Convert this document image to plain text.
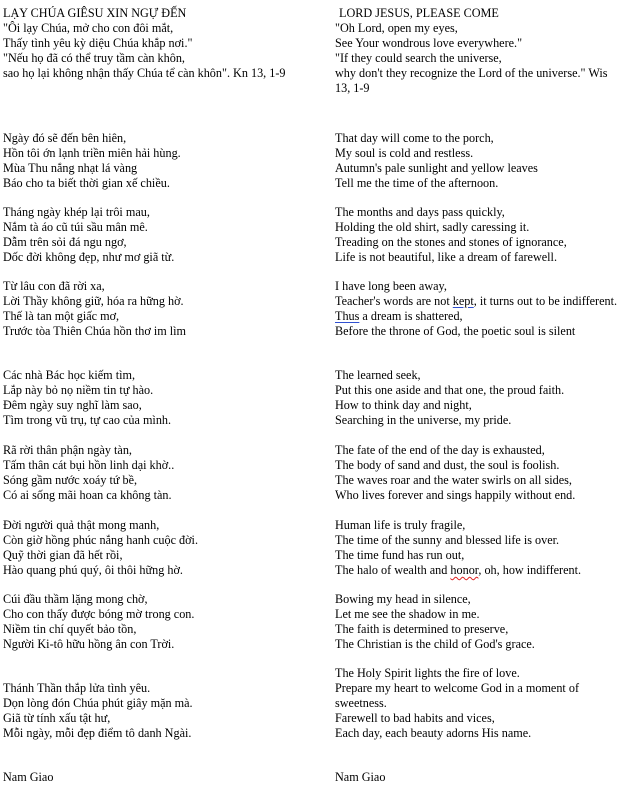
LẠY CHÚA GIÊSU XIN NGỰ ĐẾN
"Ôi lạy Chúa, mở cho con đôi mắt,
Thấy tình yêu kỳ diệu Chúa khắp nơi."
"Nếu họ đã có thể truy tầm càn khôn,
sao họ lại không nhận thấy Chúa tể càn khôn". Kn 13, 1-9
Ngày đó sẽ đến bên hiên,
Hồn tôi ớn lạnh triền miên hải hùng.
Mùa Thu nắng nhạt lá vàng
Báo cho ta biết thời gian xế chiều.
Tháng ngày khép lại trôi mau,
Nắm tà áo cũ túi sầu mân mê.
Dẫm trên sỏi đá ngu ngơ,
Dốc đời không đẹp, như mơ giã từ.
Từ lâu con đã rời xa,
Lời Thầy không giữ, hóa ra hững hờ.
Thế là tan một giấc mơ,
Trước tòa Thiên Chúa hồn thơ im lìm
Các nhà Bác học kiếm tìm,
Lắp này bỏ nọ niềm tin tự hào.
Đêm ngày suy nghĩ làm sao,
Tìm trong vũ trụ, tự cao của mình.
Rã rời thân phận ngày tàn,
Tấm thân cát bụi hồn linh dại khờ..
Sóng gầm nước xoáy tứ bề,
Có ai sống mãi hoan ca không tàn.
Đời người quả thật mong manh,
Còn giờ hồng phúc nắng hanh cuộc đời.
Quỹ thời gian đã hết rồi,
Hào quang phú quý, ôi thôi hững hờ.
Cúi đầu thầm lặng mong chờ,
Cho con thấy được bóng mờ trong con.
Niềm tin chí quyết bảo tồn,
Người Ki-tô hữu hồng ân con Trời.
Thánh Thần thắp lửa tình yêu.
Dọn lòng đón Chúa phút giây mặn mà.
Giã từ tính xấu tật hư,
Mỗi ngày, mỗi đẹp điểm tô danh Ngài.
Nam Giao
LORD JESUS, PLEASE COME
"Oh Lord, open my eyes,
See Your wondrous love everywhere."
"If they could search the universe,
why don't they recognize the Lord of the universe." Wis 13, 1-9
That day will come to the porch,
My soul is cold and restless.
Autumn's pale sunlight and yellow leaves
Tell me the time of the afternoon.
The months and days pass quickly,
Holding the old shirt, sadly caressing it.
Treading on the stones and stones of ignorance,
Life is not beautiful, like a dream of farewell.
I have long been away,
Teacher's words are not kept, it turns out to be indifferent.
Thus a dream is shattered,
Before the throne of God, the poetic soul is silent
The learned seek,
Put this one aside and that one, the proud faith.
How to think day and night,
Searching in the universe, my pride.
The fate of the end of the day is exhausted,
The body of sand and dust, the soul is foolish.
The waves roar and the water swirls on all sides,
Who lives forever and sings happily without end.
Human life is truly fragile,
The time of the sunny and blessed life is over.
The time fund has run out,
The halo of wealth and honor, oh, how indifferent.
Bowing my head in silence,
Let me see the shadow in me.
The faith is determined to preserve,
The Christian is the child of God's grace.
The Holy Spirit lights the fire of love.
Prepare my heart to welcome God in a moment of sweetness.
Farewell to bad habits and vices,
Each day, each beauty adorns His name.
Nam Giao
